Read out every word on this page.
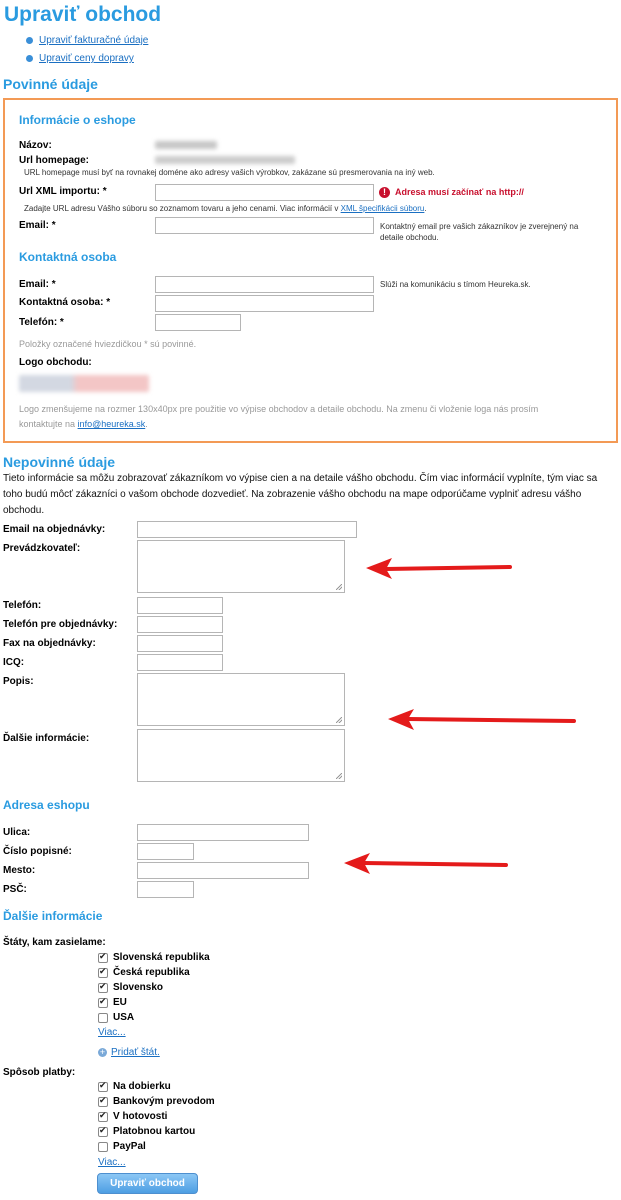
Upraviť obchod
Upraviť fakturačné údaje
Upraviť ceny dopravy
Povinné údaje
Informácie o eshope
Názov:
Url homepage:
URL homepage musí byť na rovnakej doméne ako adresy vašich výrobkov, zakázane sú presmerovania na iný web.
Url XML importu: *	!	Adresa musí začínať na http://
Zadajte URL adresu Vášho súboru so zoznamom tovaru a jeho cenami. Viac informácií v XML špecifikácii súboru.
Email: *	Kontaktný email pre vašich zákazníkov je zverejnený na detaile obchodu.
Kontaktná osoba
Email: *	Slúži na komunikáciu s tímom Heureka.sk.
Kontaktná osoba: *
Telefón: *
Položky označené hviezdičkou * sú povinné.
Logo obchodu:
Logo zmenšujeme na rozmer 130x40px pre použitie vo výpise obchodov a detaile obchodu. Na zmenu či vloženie loga nás prosím
kontaktujte na info@heureka.sk.
Nepovinné údaje
Tieto informácie sa môžu zobrazovať zákazníkom vo výpise cien a na detaile vášho obchodu. Čím viac informácií vyplníte, tým viac sa
toho budú môcť zákazníci o vašom obchode dozvedieť. Na zobrazenie vášho obchodu na mape odporúčame vyplniť adresu vášho
obchodu.
Email na objednávky:
Prevádzkovateľ:
Telefón:
Telefón pre objednávky:
Fax na objednávky:
ICQ:
Popis:
Ďalšie informácie:
Adresa eshopu
Ulica:
Číslo popisné:
Mesto:
PSČ:
Ďalšie informácie
Štáty, kam zasielame:
✔
Slovenská republika
✔
Česká republika
✔
Slovensko
✔
EU
USA
Viac...
+ Pridať štát.
Spôsob platby:
✔
Na dobierku
✔
Bankovým prevodom
✔
V hotovosti
✔
Platobnou kartou
PayPal
Viac...
Upraviť obchod
